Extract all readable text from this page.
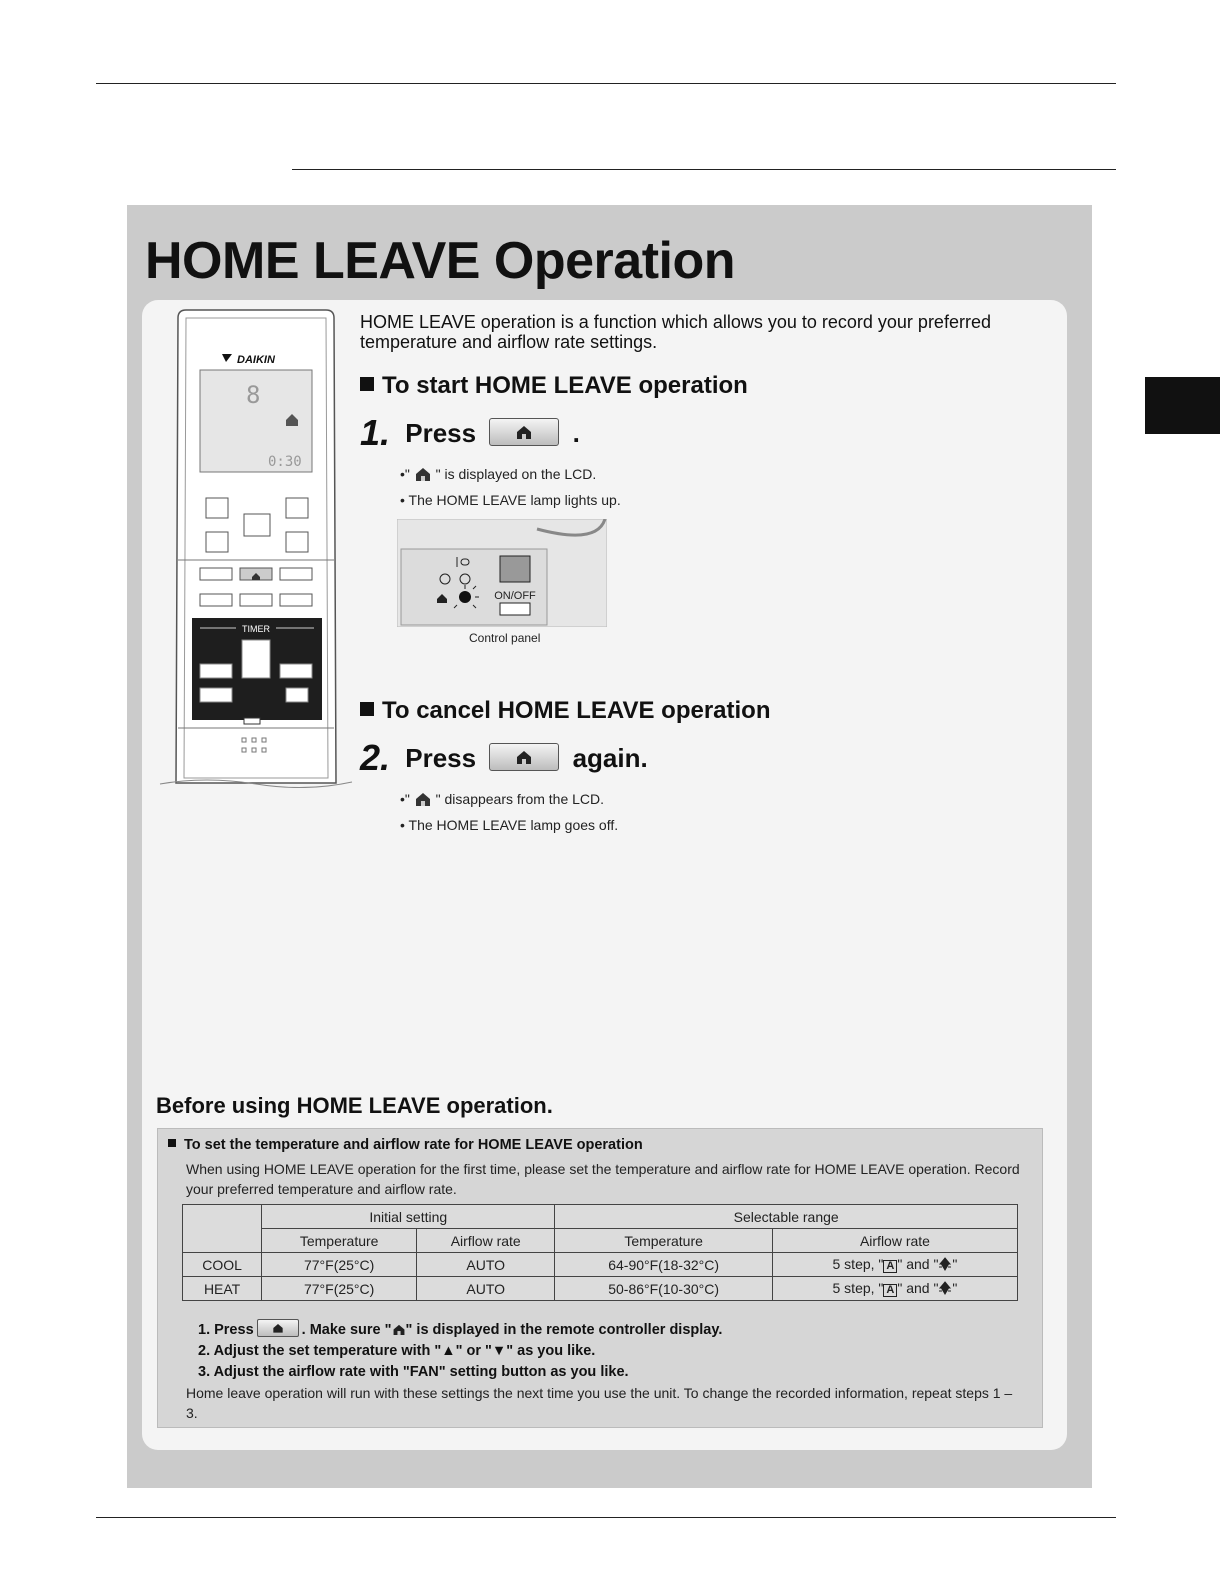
HOME LEAVE Operation
DAIKIN
8
0:30
TIMER
HOME LEAVE operation is a function which allows you to record your preferred temperature and airflow rate settings.
To start HOME LEAVE operation
1. Press	.
•"  " is displayed on the LCD.
• The HOME LEAVE lamp lights up.
ON/OFF
Control panel
To cancel HOME LEAVE operation
2. Press	again.
•"  " disappears from the LCD.
• The HOME LEAVE lamp goes off.
Before using HOME LEAVE operation.
To set the temperature and airflow rate for HOME LEAVE operation
When using HOME LEAVE operation for the first time, please set the temperature and airflow rate for HOME LEAVE operation. Record your preferred temperature and airflow rate.
	Initial setting		Selectable range	
	Temperature	Airflow rate	Temperature	Airflow rate
COOL	77°F(25°C)	AUTO	64-90°F(18-32°C)	5 step, " A " and " "
HEAT	77°F(25°C)	AUTO	50-86°F(10-30°C)	5 step, " A " and " "
1. Press	. Make sure " " is displayed in the remote controller display.
2. Adjust the set temperature with "▲" or "▼" as you like.
3. Adjust the airflow rate with "FAN" setting button as you like.
Home leave operation will run with these settings the next time you use the unit. To change the recorded information, repeat steps 1 – 3.
